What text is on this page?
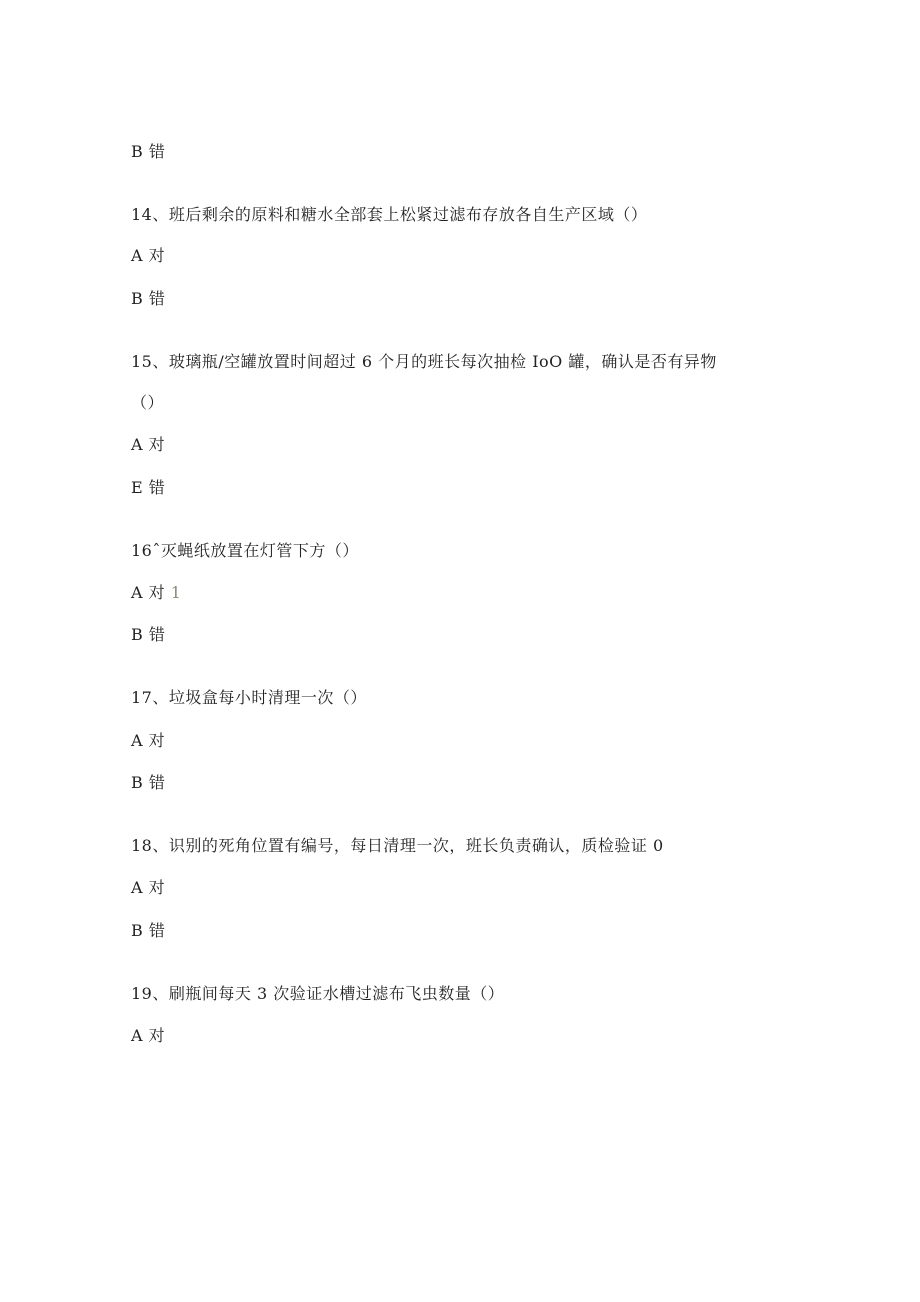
B 错
14、班后剩余的原料和糖水全部套上松紧过滤布存放各自生产区域（）
A 对
B 错
15、玻璃瓶/空罐放置时间超过 6 个月的班长每次抽检 IoO 罐，确认是否有异物
（）
A 对
E 错
16ˆ灭蝇纸放置在灯管下方（）
A 对 1
B 错
17、垃圾盒每小时清理一次（）
A 对
B 错
18、识别的死角位置有编号，每日清理一次，班长负责确认，质检验证 0
A 对
B 错
19、刷瓶间每天 3 次验证水槽过滤布飞虫数量（）
A 对
